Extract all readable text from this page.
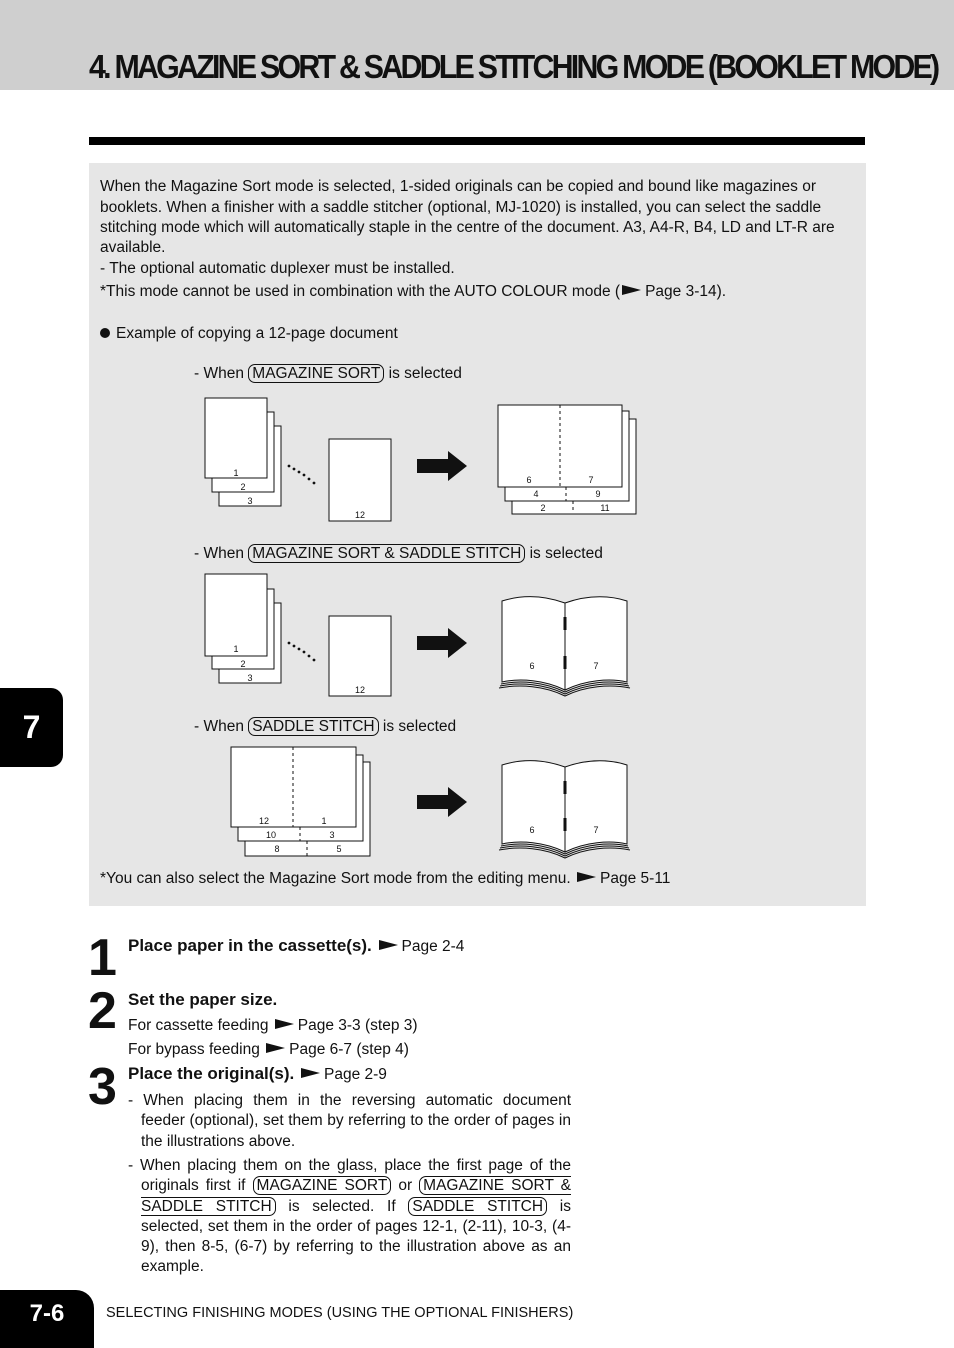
4. MAGAZINE SORT & SADDLE STITCHING MODE (BOOKLET MODE)
When the Magazine Sort mode is selected, 1-sided originals can be copied and bound like magazines or
booklets. When a finisher with a saddle stitcher (optional, MJ-1020) is installed, you can select the saddle
stitching mode which will automatically staple in the centre of the document. A3, A4-R, B4, LD and LT-R are
available.
- The optional automatic duplexer must be installed.
*This mode cannot be used in combination with the AUTO COLOUR mode ( Page 3-14).
Example of copying a 12-page document
- When MAGAZINE SORT is selected
1
2
3
12
6	7
4	9
2	11
- When MAGAZINE SORT & SADDLE STITCH is selected
1
2
3
12
6	7
- When SADDLE STITCH is selected
12	1
10	3
8	5
6	7
*You can also select the Magazine Sort mode from the editing menu. Page 5-11
7
1 Place paper in the cassette(s). Page 2-4
2 Set the paper size.
For cassette feeding Page 3-3 (step 3)
For bypass feeding Page 6-7 (step 4)
3 Place the original(s). Page 2-9
- When placing them in the reversing automatic document feeder (optional), set them by referring to the order of pages in the illustrations above.
- When placing them on the glass, place the first page of the originals first if MAGAZINE SORT or MAGAZINE SORT & SADDLE STITCH is selected. If SADDLE STITCH is selected, set them in the order of pages 12-1, (2-11), 10-3, (4-9), then 8-5, (6-7) by referring to the illustration above as an example.
7-6	SELECTING FINISHING MODES (USING THE OPTIONAL FINISHERS)
